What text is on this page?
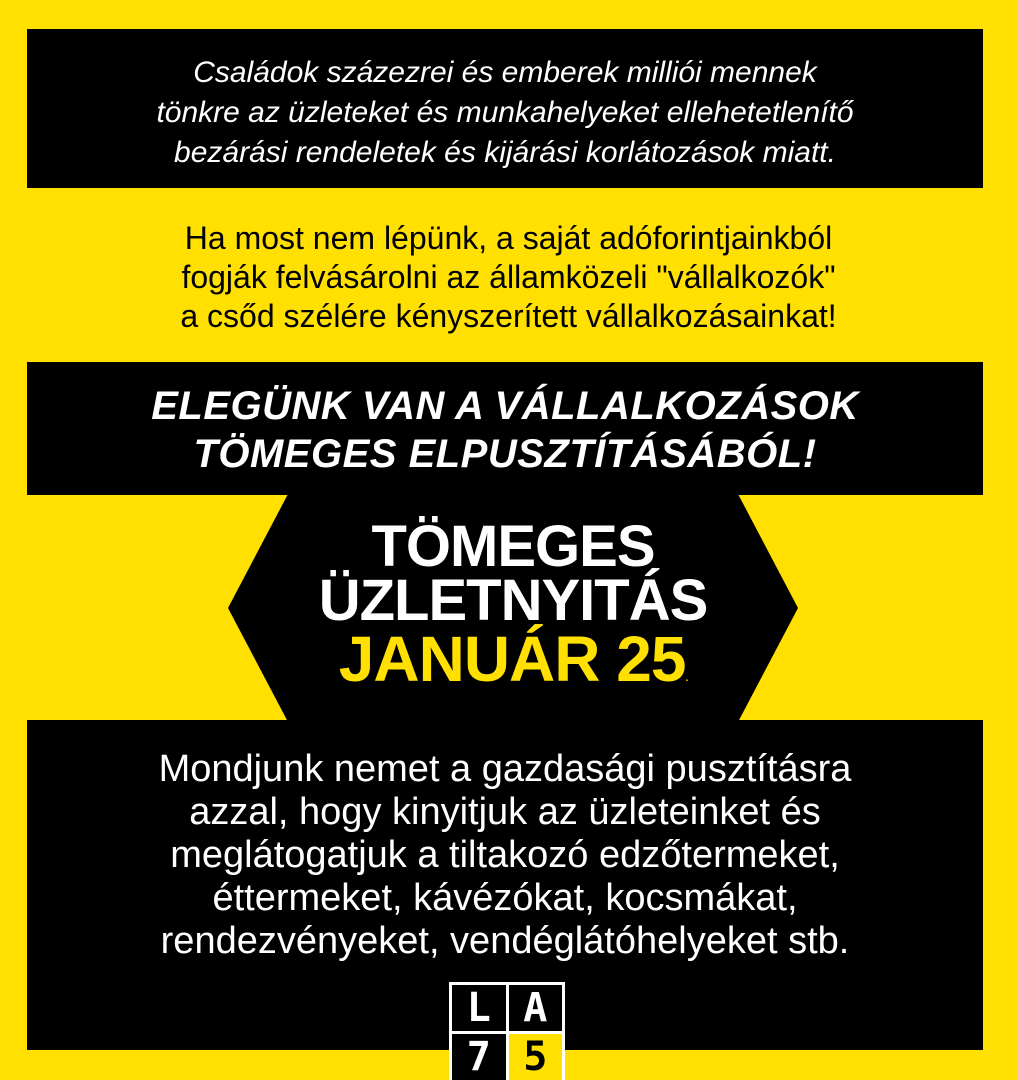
Családok százezrei és emberek milliói mennek
tönkre az üzleteket és munkahelyeket ellehetetlenítő
bezárási rendeletek és kijárási korlátozások miatt.
Ha most nem lépünk, a saját adóforintjainkból
fogják felvásárolni az államközeli "vállalkozók"
a csőd szélére kényszerített vállalkozásainkat!
ELEGÜNK VAN A VÁLLALKOZÁSOK
TÖMEGES ELPUSZTÍTÁSÁBÓL!
TÖMEGES
ÜZLETNYITÁS
JANUÁR 25.
Mondjunk nemet a gazdasági pusztításra
azzal, hogy kinyitjuk az üzleteinket és
meglátogatjuk a tiltakozó edzőtermeket,
éttermeket, kávézókat, kocsmákat,
rendezvényeket, vendéglátóhelyeket stb.
L A
7 5
